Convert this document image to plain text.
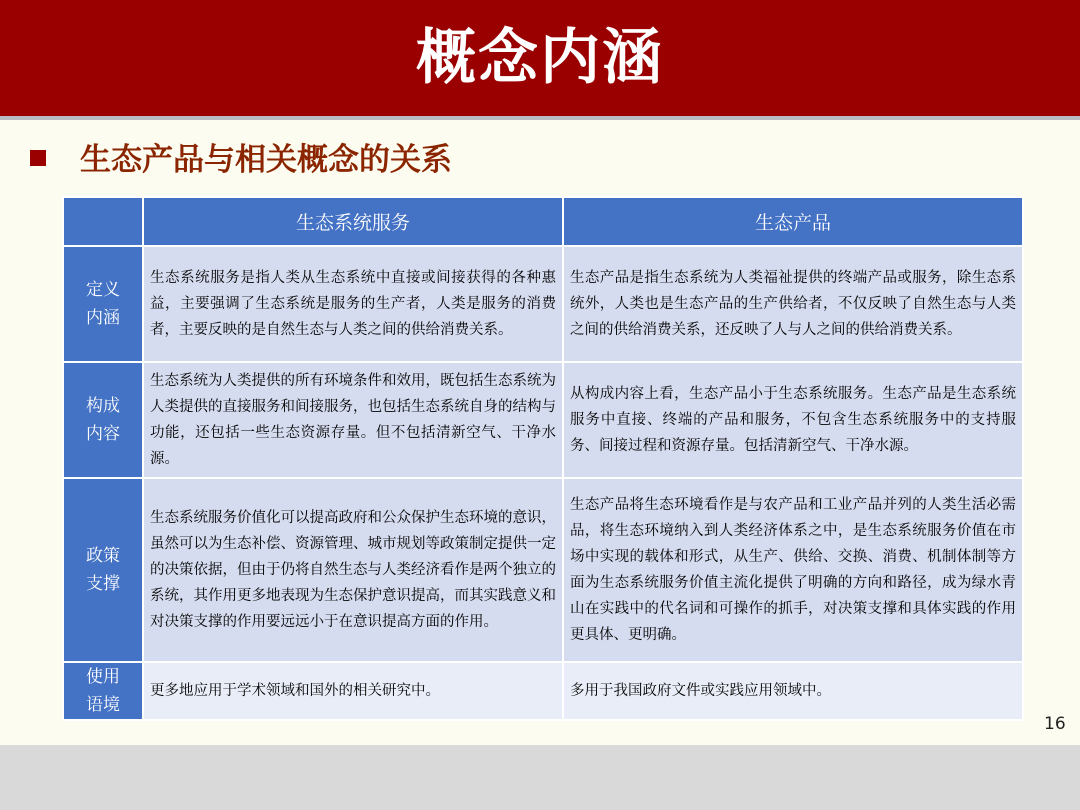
概念内涵
生态产品与相关概念的关系
	生态系统服务	生态产品
定义
内涵	生态系统服务是指人类从生态系统中直接或间接获得的各种惠益，主要强调了生态系统是服务的生产者，人类是服务的消费者，主要反映的是自然生态与人类之间的供给消费关系。	生态产品是指生态系统为人类福祉提供的终端产品或服务，除生态系统外，人类也是生态产品的生产供给者，不仅反映了自然生态与人类之间的供给消费关系，还反映了人与人之间的供给消费关系。
构成
内容	生态系统为人类提供的所有环境条件和效用，既包括生态系统为人类提供的直接服务和间接服务，也包括生态系统自身的结构与功能，还包括一些生态资源存量。但不包括清新空气、干净水源。	从构成内容上看，生态产品小于生态系统服务。生态产品是生态系统服务中直接、终端的产品和服务，不包含生态系统服务中的支持服务、间接过程和资源存量。包括清新空气、干净水源。
政策
支撑	生态系统服务价值化可以提高政府和公众保护生态环境的意识，虽然可以为生态补偿、资源管理、城市规划等政策制定提供一定的决策依据，但由于仍将自然生态与人类经济看作是两个独立的系统，其作用更多地表现为生态保护意识提高，而其实践意义和对决策支撑的作用要远远小于在意识提高方面的作用。	生态产品将生态环境看作是与农产品和工业产品并列的人类生活必需品，将生态环境纳入到人类经济体系之中，是生态系统服务价值在市场中实现的载体和形式，从生产、供给、交换、消费、机制体制等方面为生态系统服务价值主流化提供了明确的方向和路径，成为绿水青山在实践中的代名词和可操作的抓手，对决策支撑和具体实践的作用更具体、更明确。
使用
语境	更多地应用于学术领域和国外的相关研究中。	多用于我国政府文件或实践应用领域中。
16
